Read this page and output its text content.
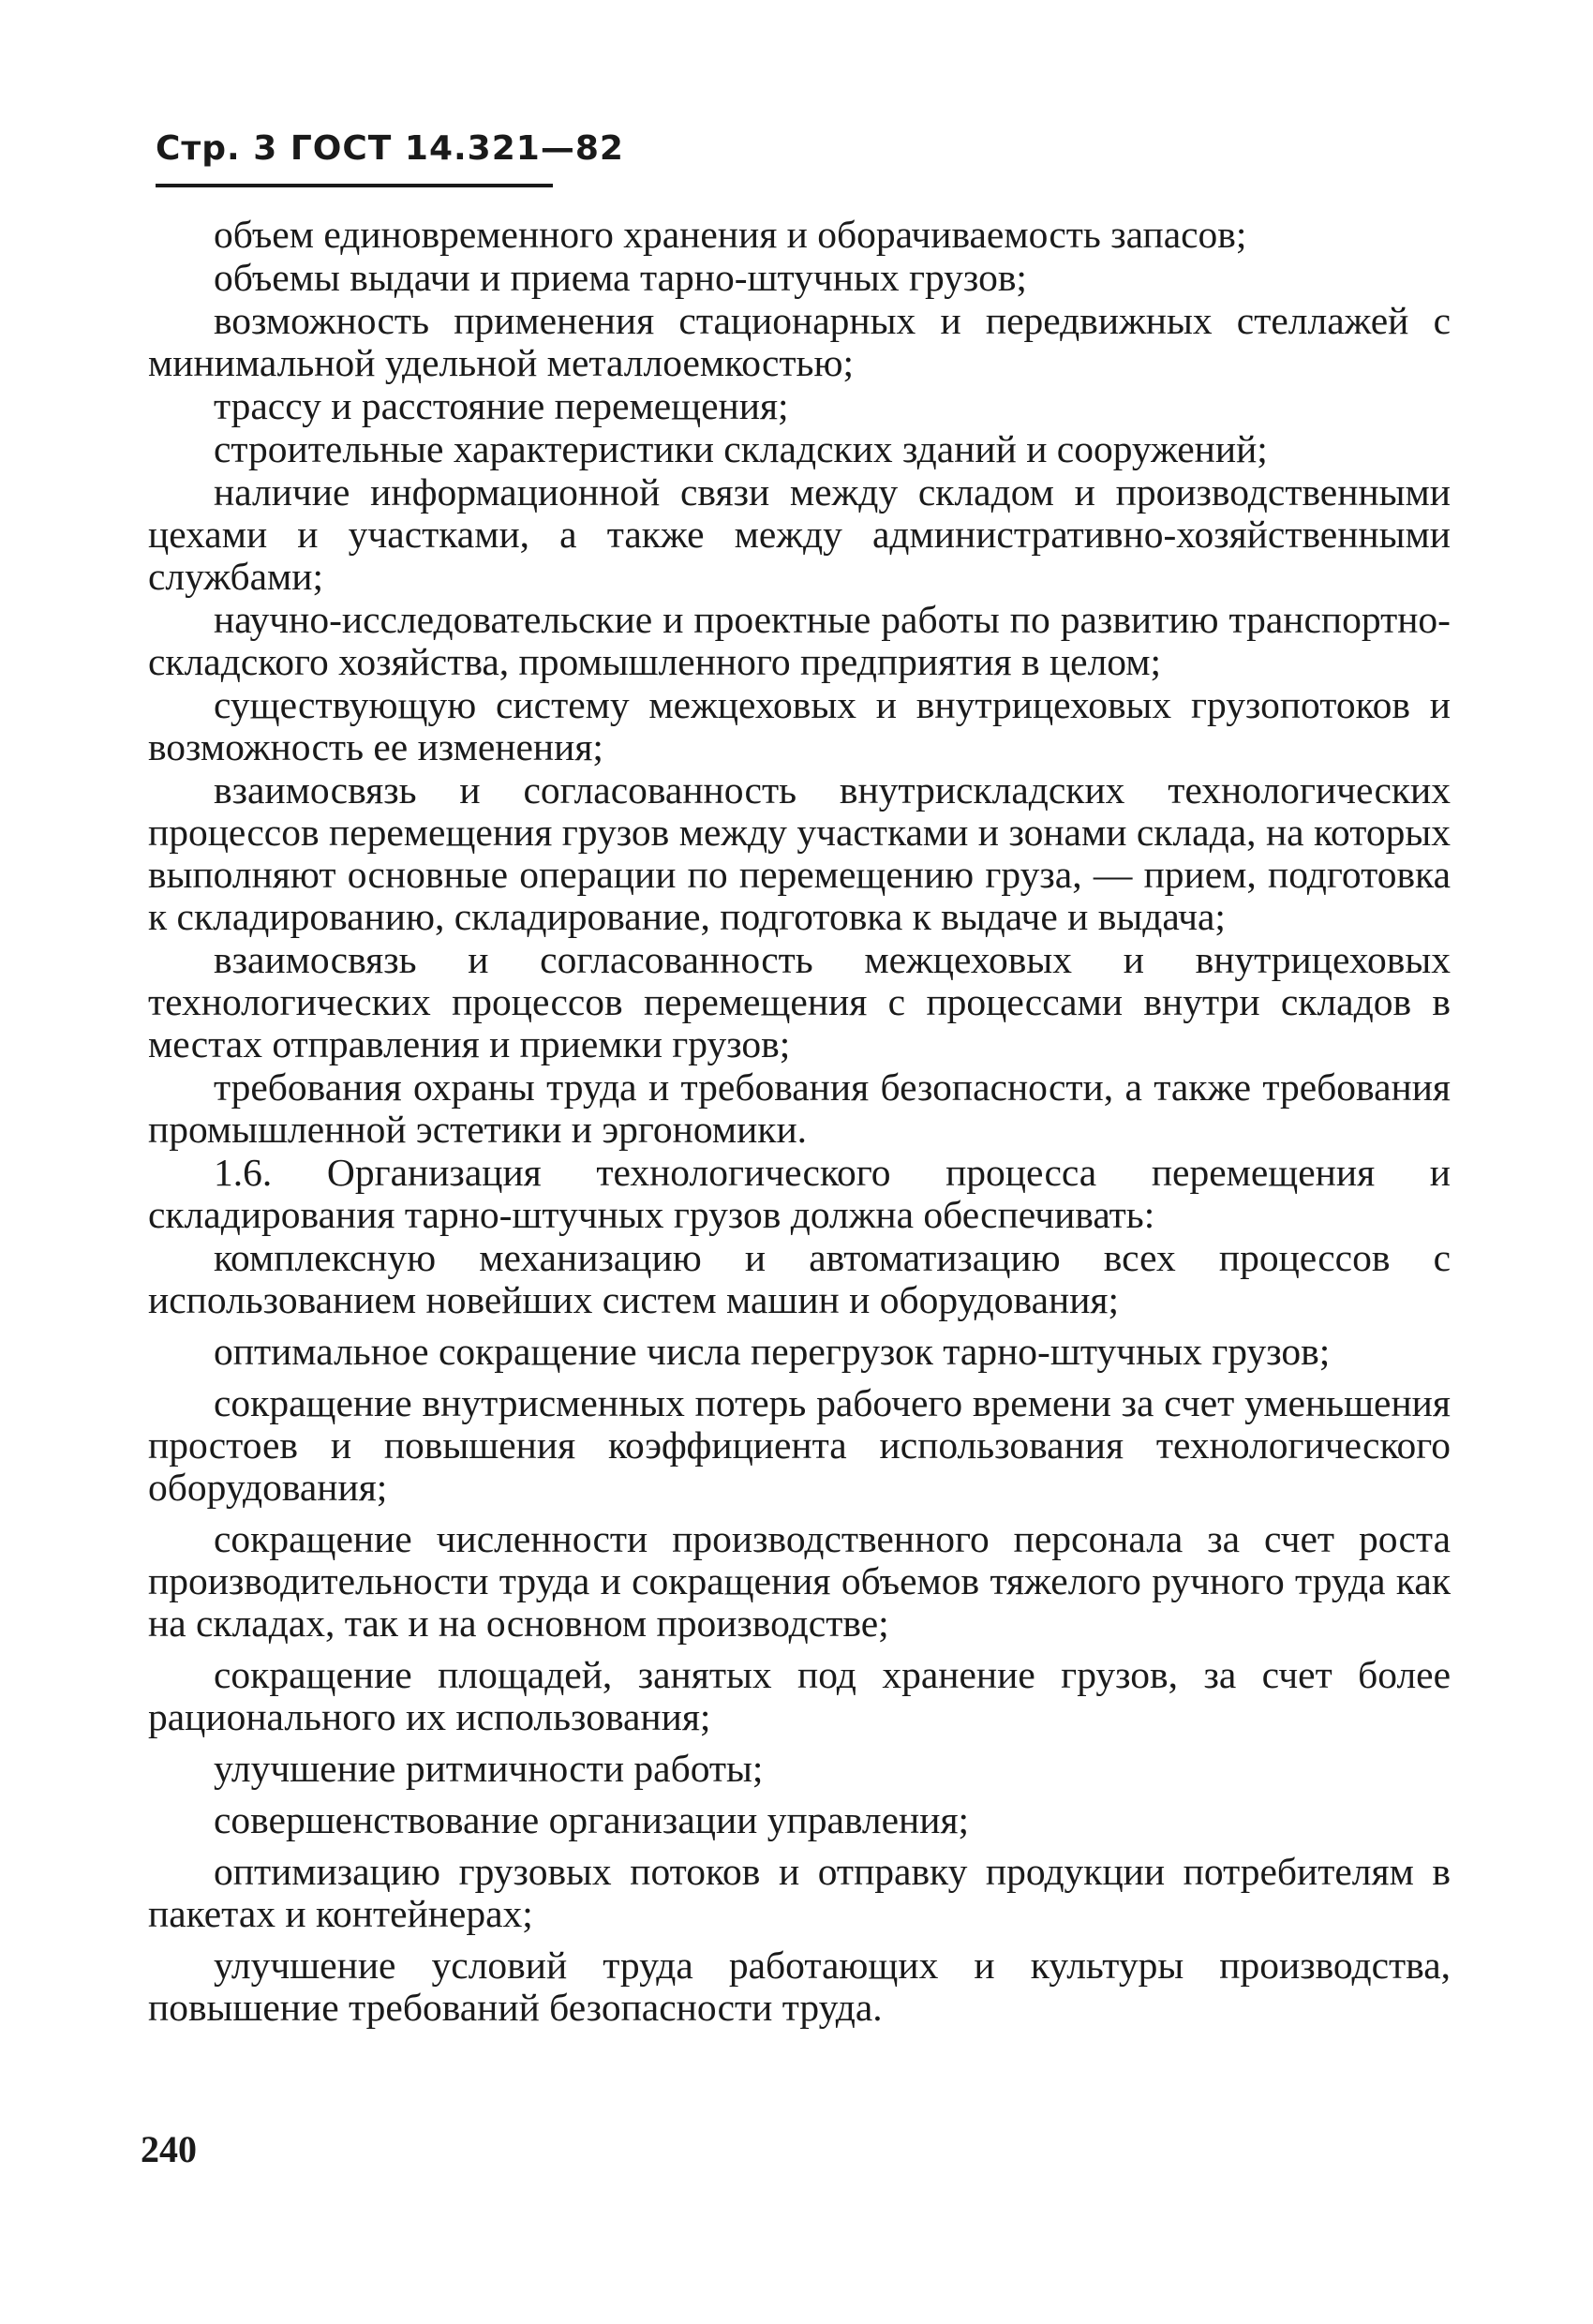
Стр. 3 ГОСТ 14.321—82

объем единовременного хранения и оборачиваемость запасов;

объемы выдачи и приема тарно-штучных грузов;

возможность применения стационарных и передвижных стеллажей с минимальной удельной металлоемкостью;

трассу и расстояние перемещения;

строительные характеристики складских зданий и сооружений;

наличие информационной связи между складом и производственными цехами и участками, а также между административно-хозяйственными службами;

научно-исследовательские и проектные работы по развитию транспортно-складского хозяйства, промышленного предприятия в целом;

существующую систему межцеховых и внутрицеховых грузопотоков и возможность ее изменения;

взаимосвязь и согласованность внутрискладских технологических процессов перемещения грузов между участками и зонами склада, на которых выполняют основные операции по перемещению груза, — прием, подготовка к складированию, складирование, подготовка к выдаче и выдача;

взаимосвязь и согласованность межцеховых и внутрицеховых технологических процессов перемещения с процессами внутри складов в местах отправления и приемки грузов;

требования охраны труда и требования безопасности, а также требования промышленной эстетики и эргономики.

1.6. Организация технологического процесса перемещения и складирования тарно-штучных грузов должна обеспечивать:

комплексную механизацию и автоматизацию всех процессов с использованием новейших систем машин и оборудования;

оптимальное сокращение числа перегрузок тарно-штучных грузов;

сокращение внутрисменных потерь рабочего времени за счет уменьшения простоев и повышения коэффициента использования технологического оборудования;

сокращение численности производственного персонала за счет роста производительности труда и сокращения объемов тяжелого ручного труда как на складах, так и на основном производстве;

сокращение площадей, занятых под хранение грузов, за счет более рационального их использования;

улучшение ритмичности работы;

совершенствование организации управления;

оптимизацию грузовых потоков и отправку продукции потребителям в пакетах и контейнерах;

улучшение условий труда работающих и культуры производства, повышение требований безопасности труда.

240
